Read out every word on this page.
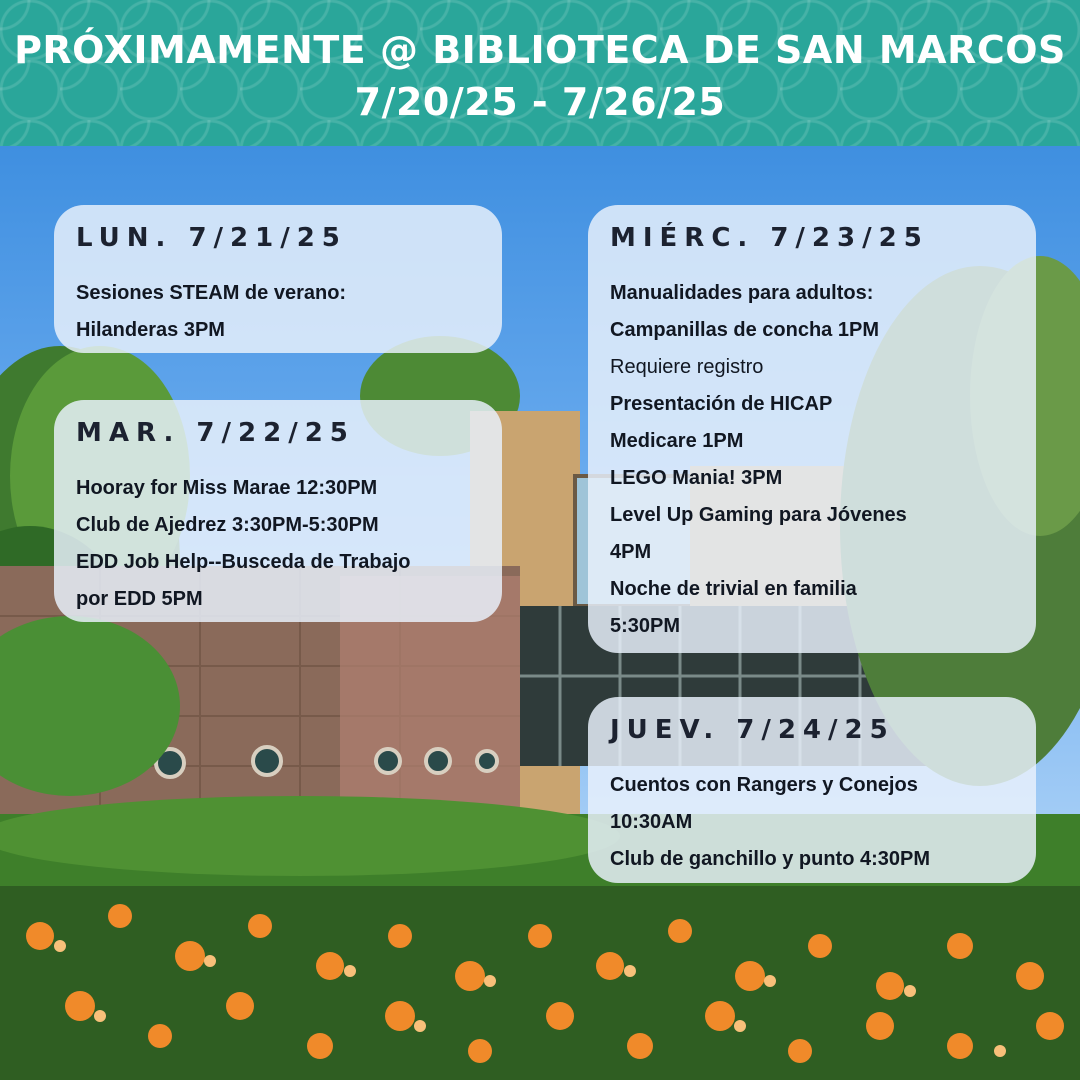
PRÓXIMAMENTE @ BIBLIOTECA DE SAN MARCOS
7/20/25 - 7/26/25
LUN. 7/21/25
Sesiones STEAM de verano:
Hilanderas 3PM
MAR. 7/22/25
Hooray for Miss Marae 12:30PM
Club de Ajedrez 3:30PM-5:30PM
EDD Job Help--Busceda de Trabajo
por EDD 5PM
MIÉRC. 7/23/25
Manualidades para adultos:
Campanillas de concha 1PM
Requiere registro
Presentación de HICAP
Medicare 1PM
LEGO Mania! 3PM
Level Up Gaming para Jóvenes
4PM
Noche de trivial en familia
5:30PM
JUEV. 7/24/25
Cuentos con Rangers y Conejos
10:30AM
Club de ganchillo y punto 4:30PM
